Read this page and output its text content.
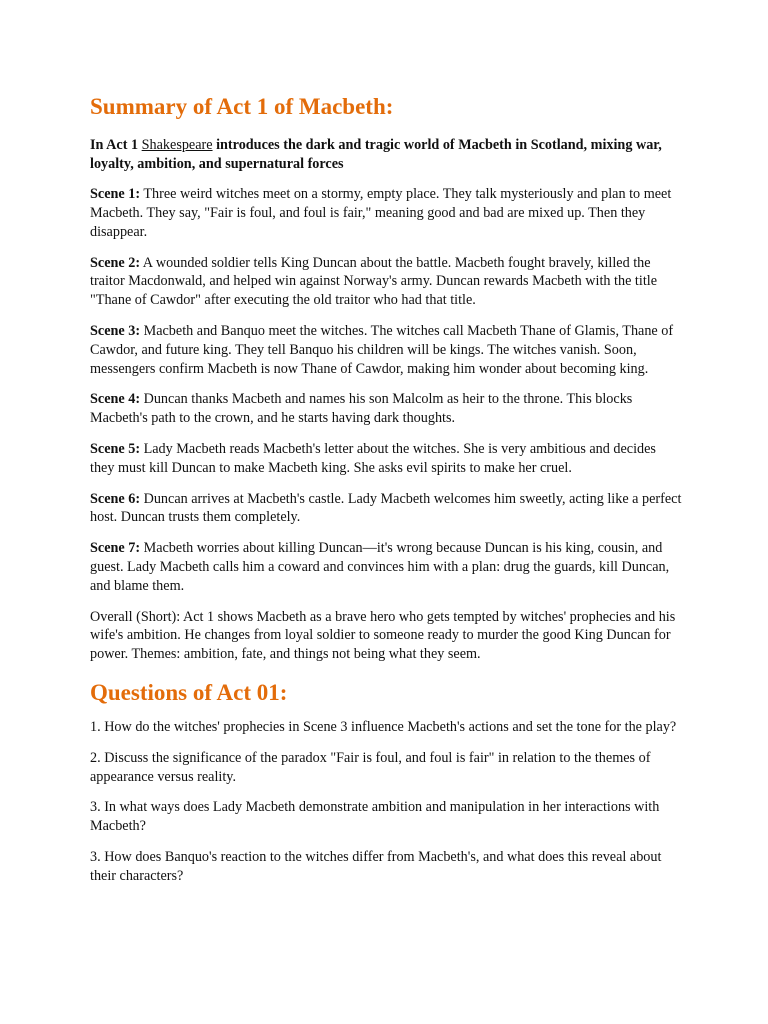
Summary of Act 1 of Macbeth:
In Act 1 Shakespeare introduces the dark and tragic world of Macbeth in Scotland, mixing war, loyalty, ambition, and supernatural forces

Scene 1: Three weird witches meet on a stormy, empty place. They talk mysteriously and plan to meet Macbeth. They say, "Fair is foul, and foul is fair," meaning good and bad are mixed up. Then they disappear.

Scene 2: A wounded soldier tells King Duncan about the battle. Macbeth fought bravely, killed the traitor Macdonwald, and helped win against Norway's army. Duncan rewards Macbeth with the title "Thane of Cawdor" after executing the old traitor who had that title.

Scene 3: Macbeth and Banquo meet the witches. The witches call Macbeth Thane of Glamis, Thane of Cawdor, and future king. They tell Banquo his children will be kings. The witches vanish. Soon, messengers confirm Macbeth is now Thane of Cawdor, making him wonder about becoming king.

Scene 4: Duncan thanks Macbeth and names his son Malcolm as heir to the throne. This blocks Macbeth's path to the crown, and he starts having dark thoughts.

Scene 5: Lady Macbeth reads Macbeth's letter about the witches. She is very ambitious and decides they must kill Duncan to make Macbeth king. She asks evil spirits to make her cruel.

Scene 6: Duncan arrives at Macbeth's castle. Lady Macbeth welcomes him sweetly, acting like a perfect host. Duncan trusts them completely.

Scene 7: Macbeth worries about killing Duncan—it's wrong because Duncan is his king, cousin, and guest. Lady Macbeth calls him a coward and convinces him with a plan: drug the guards, kill Duncan, and blame them.

Overall (Short): Act 1 shows Macbeth as a brave hero who gets tempted by witches' prophecies and his wife's ambition. He changes from loyal soldier to someone ready to murder the good King Duncan for power. Themes: ambition, fate, and things not being what they seem.

Questions of Act 01:

1. How do the witches' prophecies in Scene 3 influence Macbeth's actions and set the tone for the play?

2. Discuss the significance of the paradox "Fair is foul, and foul is fair" in relation to the themes of appearance versus reality.

3. In what ways does Lady Macbeth demonstrate ambition and manipulation in her interactions with Macbeth?

3. How does Banquo's reaction to the witches differ from Macbeth's, and what does this reveal about their characters?
